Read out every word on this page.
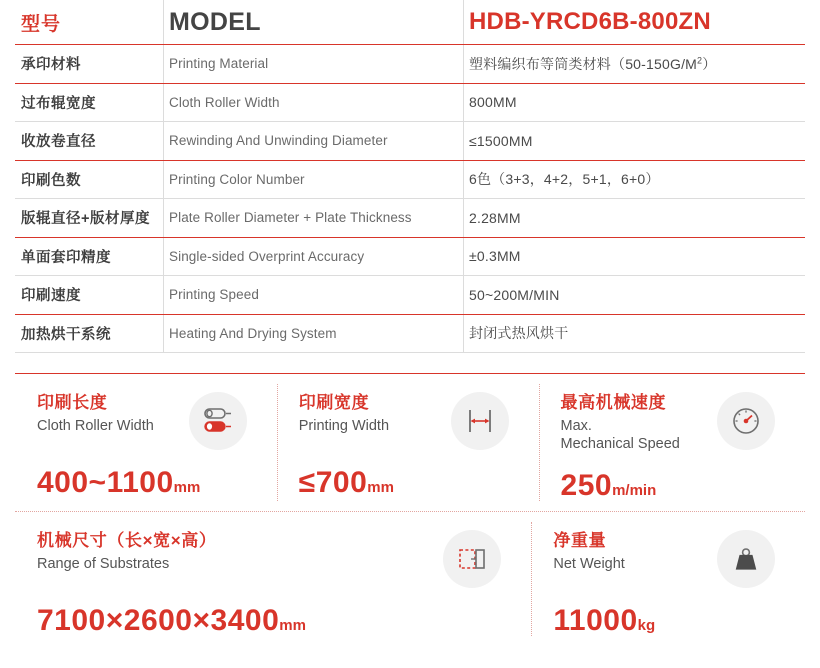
型号	MODEL	HDB-YRCD6B-800ZN

承印材料	Printing Material	塑料编织布等筒类材料$(50-150G/M^2)$

过布辊宽度	Cloth Roller Width	800MM

收放卷直径	Rewinding And Unwinding Diameter	≤1500MM

印刷色数	Printing Color Number	6色（3+3，4+2，5+1，6+0）

版辊直径+版材厚度	Plate Roller Diameter + Plate Thickness	2.28MM

单面套印精度	Single-sided Overprint Accuracy	±0.3MM

印刷速度	Printing Speed	50~200M/MIN

加热烘干系统	Heating And Drying System	封闭式热风烘干
印刷长度
Cloth Roller Width
400~1100mm
印刷宽度
Printing Width
≤700mm
最高机械速度
Max.
Mechanical Speed
250m/min
机械尺寸（长×宽×高）
Range of Substrates
7100×2600×3400mm
净重量
Net Weight
11000kg
